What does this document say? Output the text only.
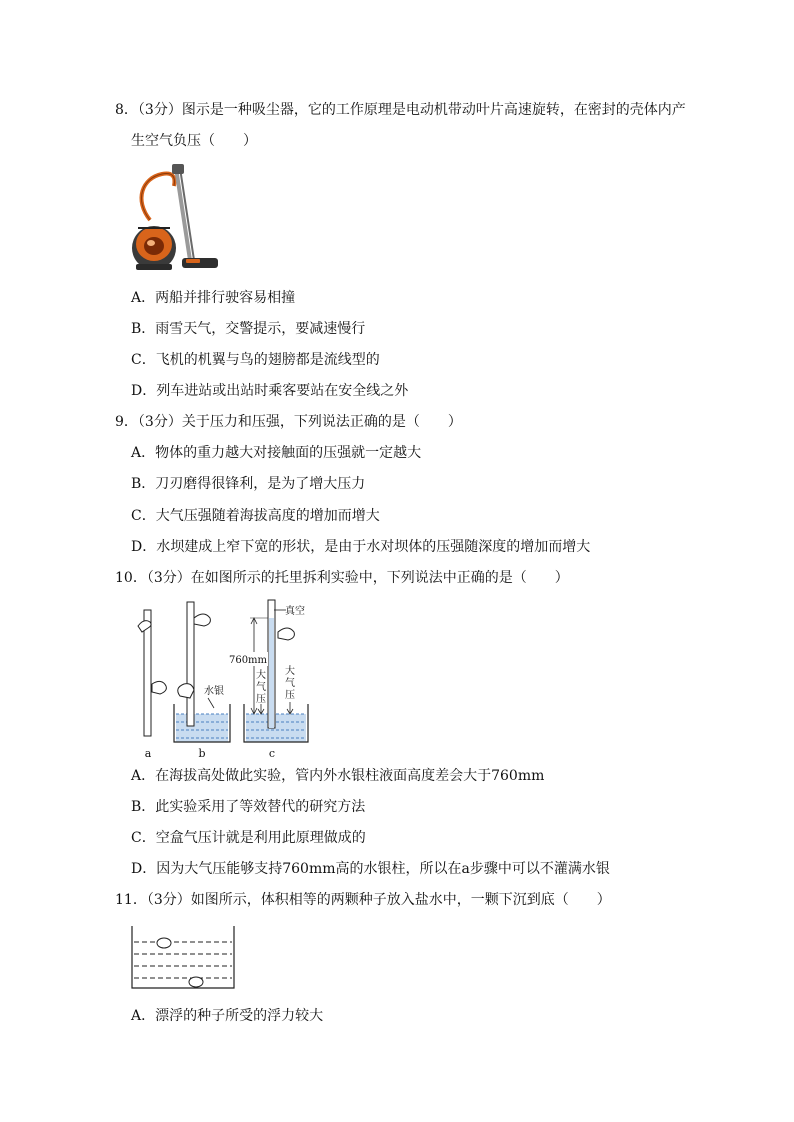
8．（3分）图示是一种吸尘器，它的工作原理是电动机带动叶片高速旋转，在密封的壳体内产
生空气负压（　　）
A．两船并排行驶容易相撞
B．雨雪天气，交警提示，要减速慢行
C．飞机的机翼与鸟的翅膀都是流线型的
D．列车进站或出站时乘客要站在安全线之外
9．（3分）关于压力和压强，下列说法正确的是（　　）
A．物体的重力越大对接触面的压强就一定越大
B．刀刃磨得很锋利，是为了增大压力
C．大气压强随着海拔高度的增加而增大
D．水坝建成上窄下宽的形状，是由于水对坝体的压强随深度的增加而增大
10．（3分）在如图所示的托里拆利实验中，下列说法中正确的是（　　）
a
水银
b
真空
760mm
大
气
压
大
气
压
c
A．在海拔高处做此实验，管内外水银柱液面高度差会大于760mm
B．此实验采用了等效替代的研究方法
C．空盒气压计就是利用此原理做成的
D．因为大气压能够支持760mm高的水银柱，所以在a步骤中可以不灌满水银
11．（3分）如图所示，体积相等的两颗种子放入盐水中，一颗下沉到底（　　）
A．漂浮的种子所受的浮力较大
